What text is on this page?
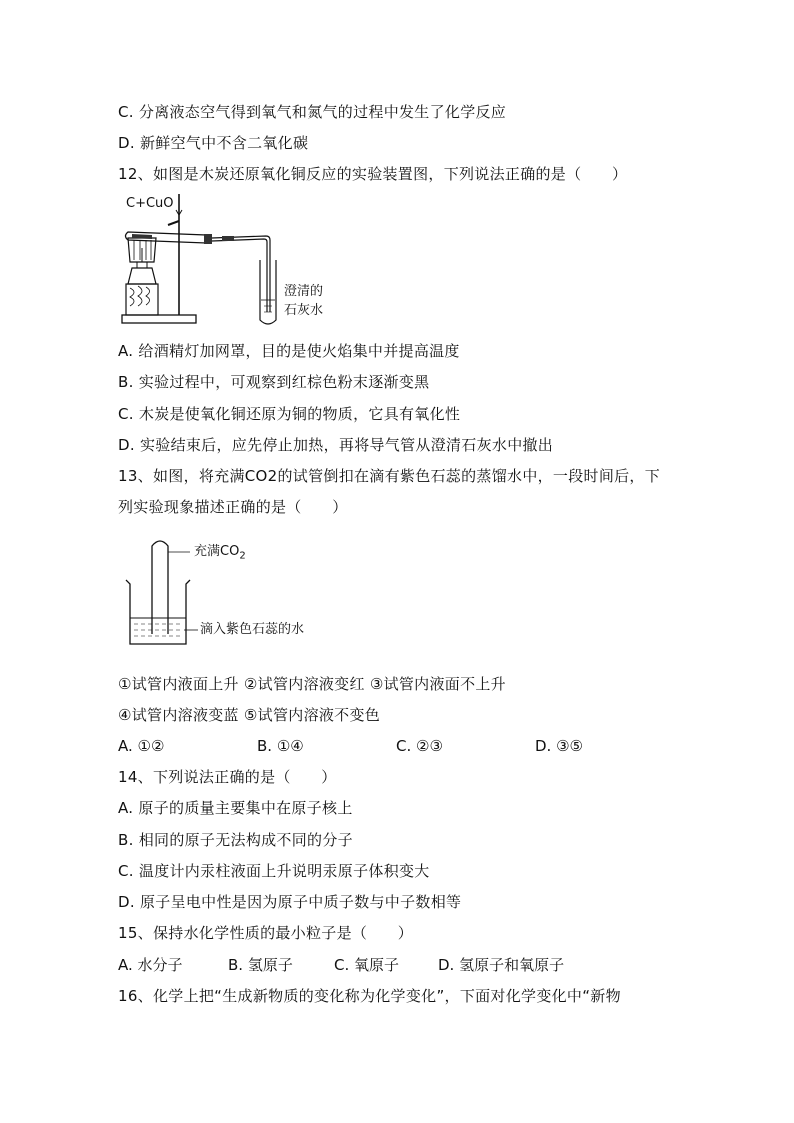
C. 分离液态空气得到氧气和氮气的过程中发生了化学反应
D. 新鲜空气中不含二氧化碳
12、如图是木炭还原氧化铜反应的实验装置图，下列说法正确的是（　　）
C+CuO
澄清的
石灰水
A. 给酒精灯加网罩，目的是使火焰集中并提高温度
B. 实验过程中，可观察到红棕色粉末逐渐变黑
C. 木炭是使氧化铜还原为铜的物质，它具有氧化性
D. 实验结束后，应先停止加热，再将导气管从澄清石灰水中撤出
13、如图，将充满CO2的试管倒扣在滴有紫色石蕊的蒸馏水中，一段时间后，下
列实验现象描述正确的是（　　）
充满$CO_2$
滴入紫色石蕊的水
①试管内液面上升 ②试管内溶液变红 ③试管内液面不上升
④试管内溶液变蓝 ⑤试管内溶液不变色
A. ①②	B. ①④	C. ②③	D. ③⑤
14、下列说法正确的是（　　）
A. 原子的质量主要集中在原子核上
B. 相同的原子无法构成不同的分子
C. 温度计内汞柱液面上升说明汞原子体积变大
D. 原子呈电中性是因为原子中质子数与中子数相等
15、保持水化学性质的最小粒子是（　　）
A. 水分子	B. 氢原子	C. 氧原子	D. 氢原子和氧原子
16、化学上把“生成新物质的变化称为化学变化”，下面对化学变化中“新物
